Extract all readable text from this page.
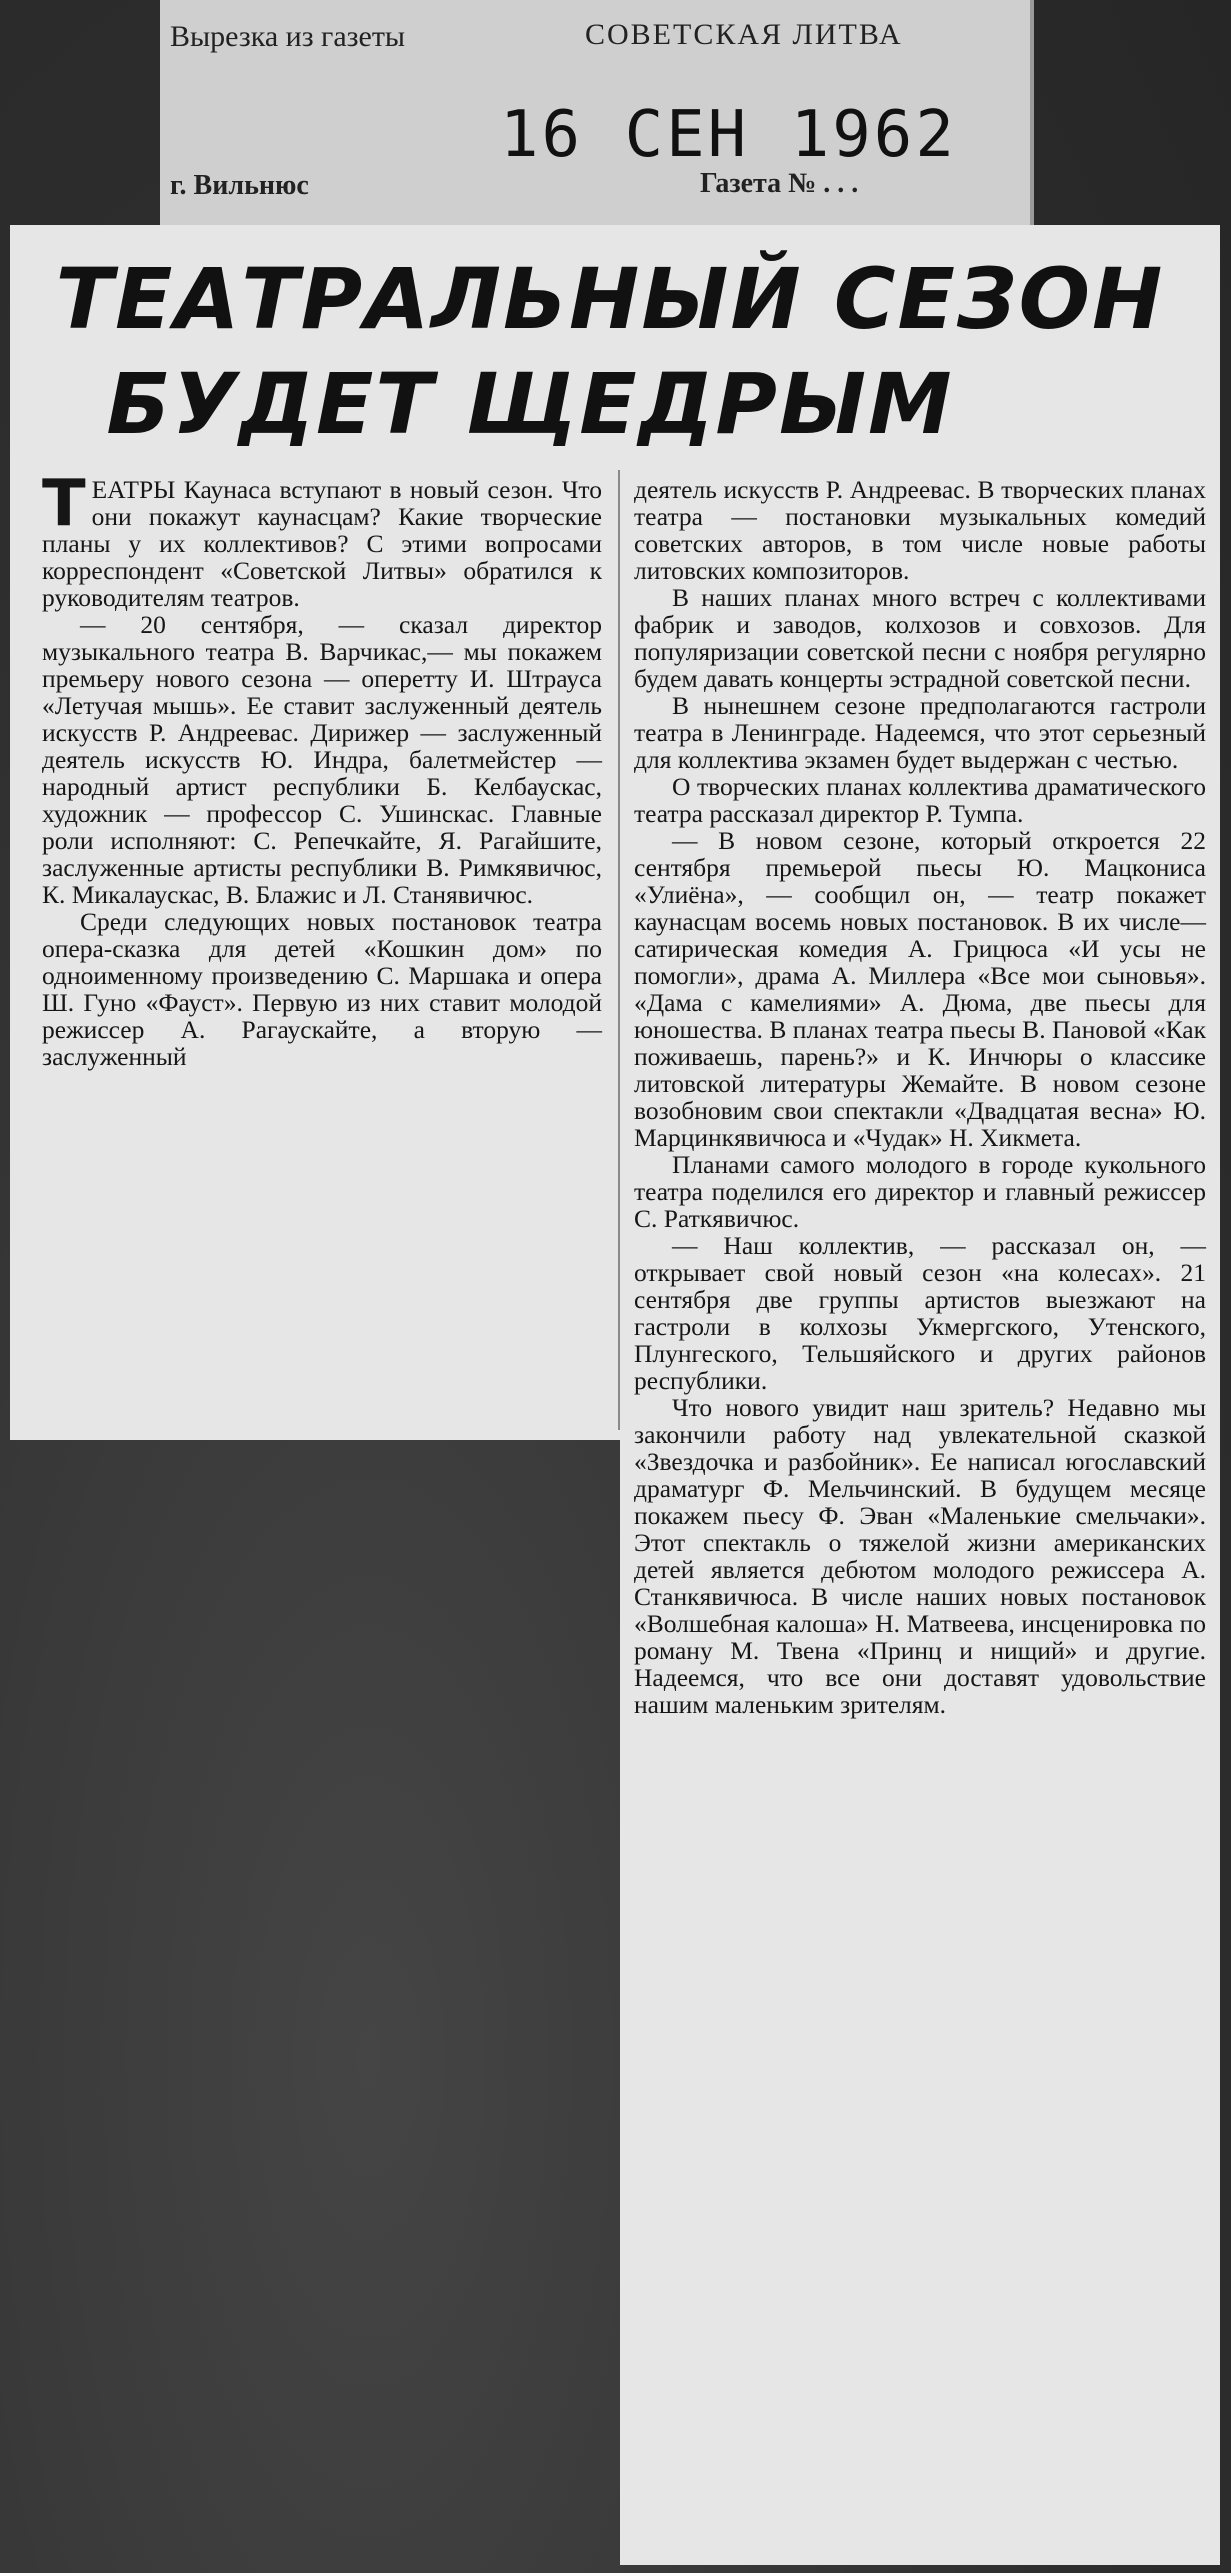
Вырезка из газеты	СОВЕТСКАЯ ЛИТВА
16 СЕН 1962
г. Вильнюс	Газета № . . .
ТЕАТРАЛЬНЫЙ СЕЗОН
БУДЕТ ЩЕДРЫМ

ТЕАТРЫ Каунаса вступают в новый сезон. Что они покажут каунасцам? Какие творческие планы у их коллективов? С этими вопросами корреспондент «Советской Литвы» обратился к руководителям театров.

— 20 сентября, — сказал директор музыкального театра В. Варчикас,— мы покажем премьеру нового сезона — оперетту И. Штрауса «Летучая мышь». Ее ставит заслуженный деятель искусств Р. Андреевас. Дирижер — заслуженный деятель искусств Ю. Индра, балетмейстер — народный артист республики Б. Келбаускас, художник — профессор С. Ушинскас. Главные роли исполняют: С. Репечкайте, Я. Рагайшите, заслуженные артисты республики В. Римкявичюс, К. Микалаускас, В. Блажис и Л. Станявичюс.

Среди следующих новых постановок театра опера-сказка для детей «Кошкин дом» по одноименному произведению С. Маршака и опера Ш. Гуно «Фауст». Первую из них ставит молодой режиссер А. Рагаускайте, а вторую — заслуженный

деятель искусств Р. Андреевас. В творческих планах театра — постановки музыкальных комедий советских авторов, в том числе новые работы литовских композиторов.

В наших планах много встреч с коллективами фабрик и заводов, колхозов и совхозов. Для популяризации советской песни с ноября регулярно будем давать концерты эстрадной советской песни.

В нынешнем сезоне предполагаются гастроли театра в Ленинграде. Надеемся, что этот серьезный для коллектива экзамен будет выдержан с честью.

О творческих планах коллектива драматического театра рассказал директор Р. Тумпа.

— В новом сезоне, который откроется 22 сентября премьерой пьесы Ю. Мацкониса «Улиёна», — сообщил он, — театр покажет каунасцам восемь новых постановок. В их числе—сатирическая комедия А. Грицюса «И усы не помогли», драма А. Миллера «Все мои сыновья». «Дама с камелиями» А. Дюма, две пьесы для юношества. В планах театра пьесы В. Пановой «Как поживаешь, парень?» и К. Инчюры о классике литовской литературы Жемайте. В новом сезоне возобновим свои спектакли «Двадцатая весна» Ю. Марцинкявичюса и «Чудак» Н. Хикмета.

Планами самого молодого в городе кукольного театра поделился его директор и главный режиссер С. Раткявичюс.

— Наш коллектив, — рассказал он, — открывает свой новый сезон «на колесах». 21 сентября две группы артистов выезжают на гастроли в колхозы Укмергского, Утенского, Плунгеского, Тельшяйского и других районов республики.

Что нового увидит наш зритель? Недавно мы закончили работу над увлекательной сказкой «Звездочка и разбойник». Ее написал югославский драматург Ф. Мельчинский. В будущем месяце покажем пьесу Ф. Эван «Маленькие смельчаки». Этот спектакль о тяжелой жизни американских детей является дебютом молодого режиссера А. Станкявичюса. В числе наших новых постановок «Волшебная калоша» Н. Матвеева, инсценировка по роману М. Твена «Принц и нищий» и другие. Надеемся, что все они доставят удовольствие нашим маленьким зрителям.
